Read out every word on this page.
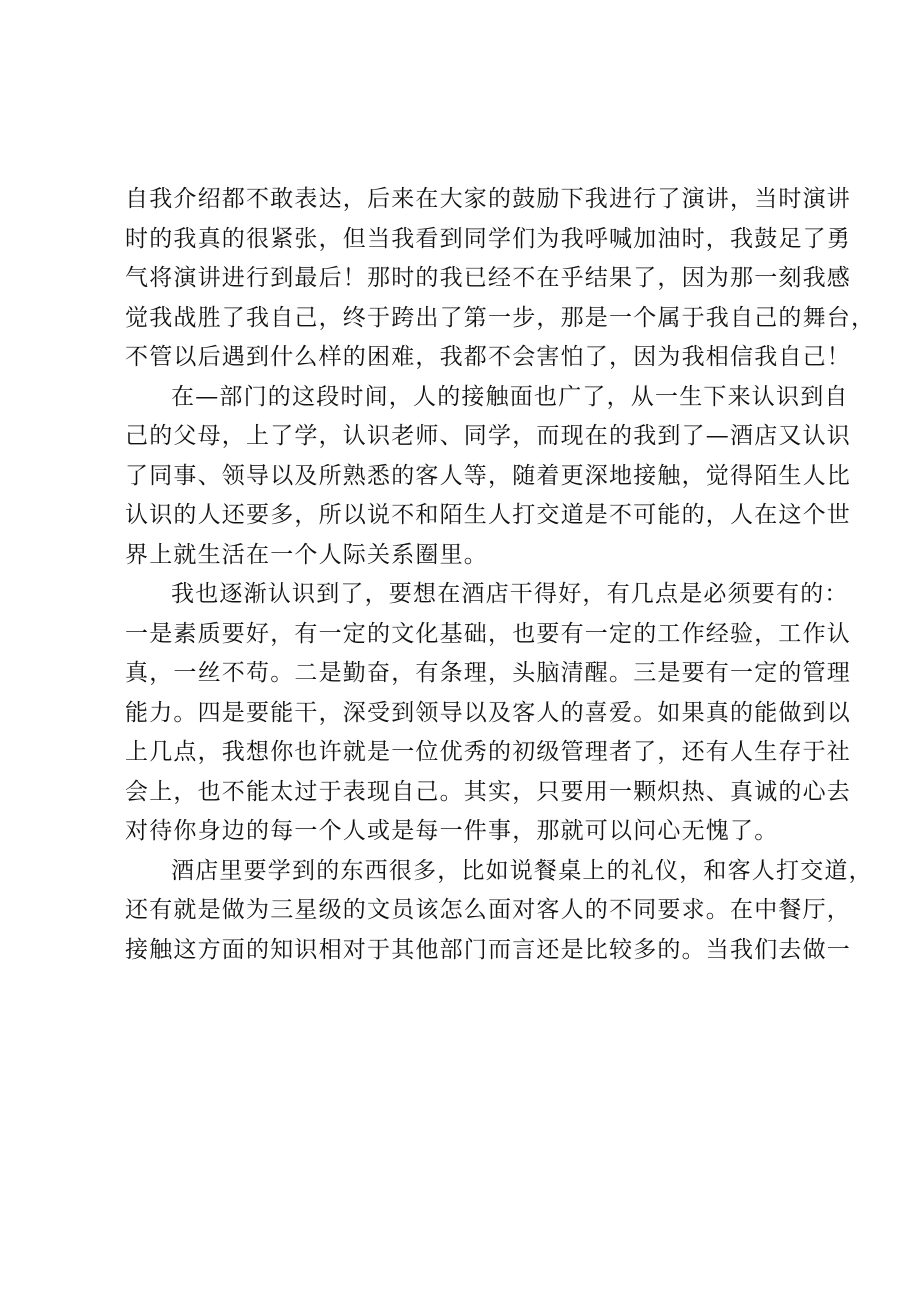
自我介绍都不敢表达，后来在大家的鼓励下我进行了演讲，当时演讲
时的我真的很紧张，但当我看到同学们为我呼喊加油时，我鼓足了勇
气将演讲进行到最后！那时的我已经不在乎结果了，因为那一刻我感
觉我战胜了我自己，终于跨出了第一步，那是一个属于我自己的舞台，
不管以后遇到什么样的困难，我都不会害怕了，因为我相信我自己！
在—部门的这段时间，人的接触面也广了，从一生下来认识到自
己的父母，上了学，认识老师、同学，而现在的我到了—酒店又认识
了同事、领导以及所熟悉的客人等，随着更深地接触，觉得陌生人比
认识的人还要多，所以说不和陌生人打交道是不可能的，人在这个世
界上就生活在一个人际关系圈里。
我也逐渐认识到了，要想在酒店干得好，有几点是必须要有的：
一是素质要好，有一定的文化基础，也要有一定的工作经验，工作认
真，一丝不苟。二是勤奋，有条理，头脑清醒。三是要有一定的管理
能力。四是要能干，深受到领导以及客人的喜爱。如果真的能做到以
上几点，我想你也许就是一位优秀的初级管理者了，还有人生存于社
会上，也不能太过于表现自己。其实，只要用一颗炽热、真诚的心去
对待你身边的每一个人或是每一件事，那就可以问心无愧了。
酒店里要学到的东西很多，比如说餐桌上的礼仪，和客人打交道，
还有就是做为三星级的文员该怎么面对客人的不同要求。在中餐厅，
接触这方面的知识相对于其他部门而言还是比较多的。当我们去做一
